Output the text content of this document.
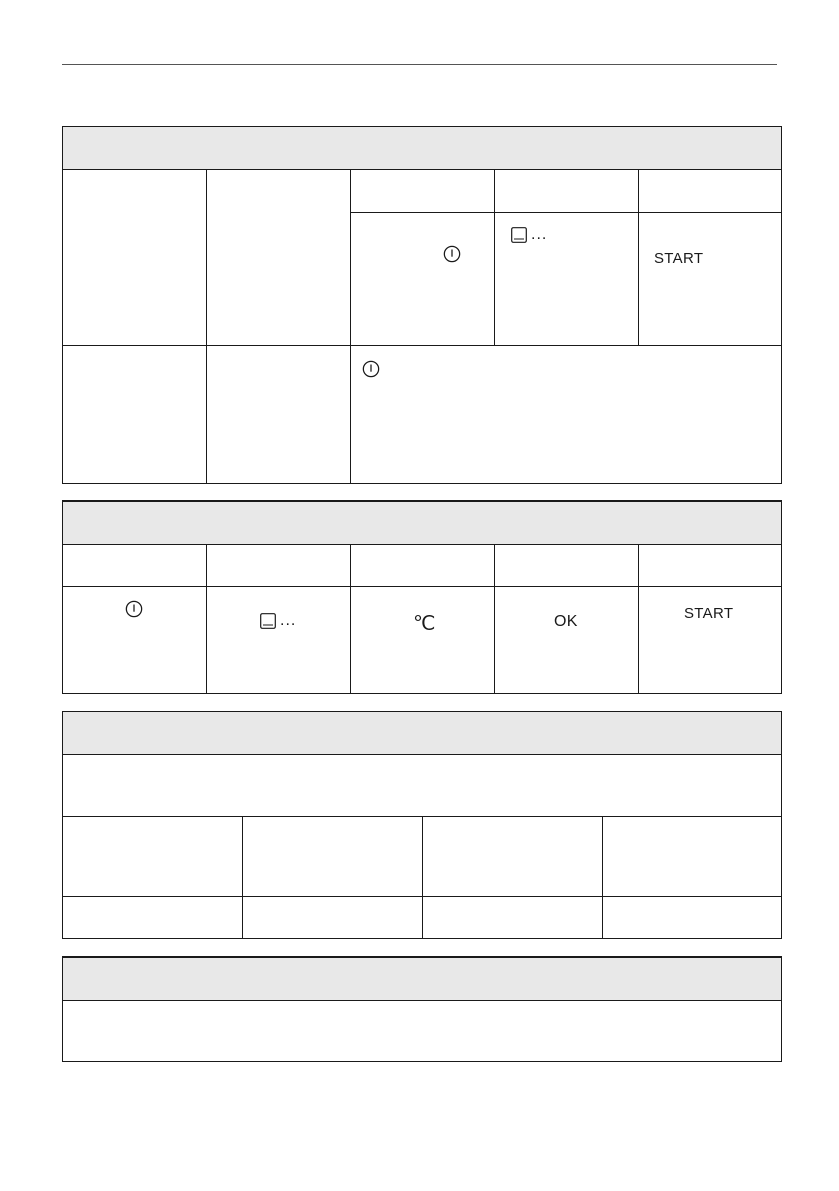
...	START

...	℃	OK	START
